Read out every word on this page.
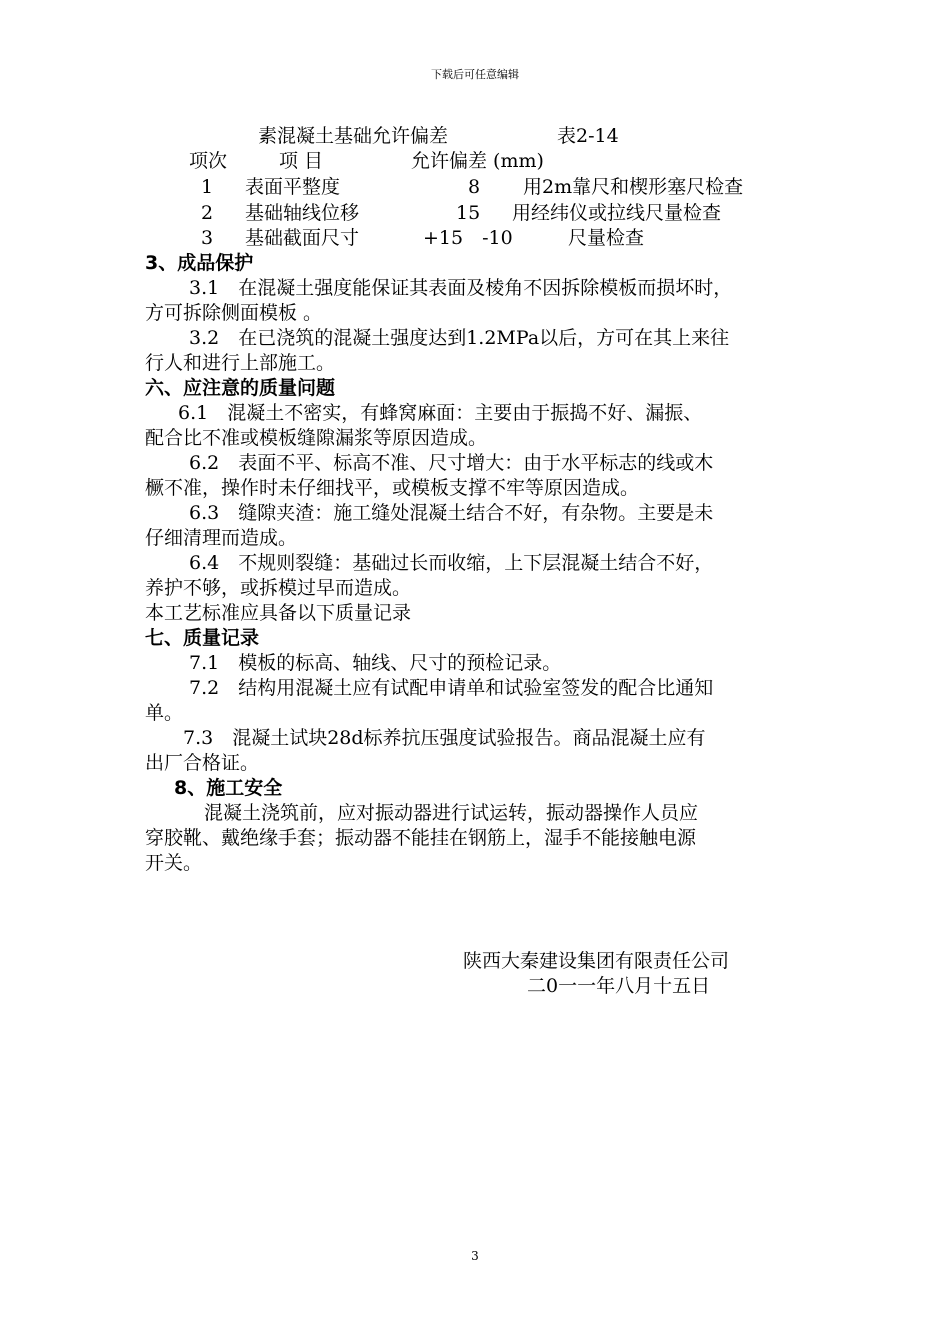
下载后可任意编辑
素混凝土基础允许偏差	表2-14
项次	项 目	允许偏差 (mm)
1 表面平整度	8 用2m靠尺和楔形塞尺检查
2 基础轴线位移	15 用经纬仪或拉线尺量检查
3 基础截面尺寸	+15　-10	尺量检查
3、成品保护
3.1　在混凝土强度能保证其表面及棱角不因拆除模板而损坏时，
方可拆除侧面模板 。
3.2　在已浇筑的混凝土强度达到1.2MPa以后，方可在其上来往
行人和进行上部施工。
六、应注意的质量问题
6.1　混凝土不密实，有蜂窝麻面：主要由于振捣不好、漏振、
配合比不准或模板缝隙漏浆等原因造成。
6.2　表面不平、标高不准、尺寸增大：由于水平标志的线或木
橛不准，操作时未仔细找平，或模板支撑不牢等原因造成。
6.3　缝隙夹渣：施工缝处混凝土结合不好，有杂物。主要是未
仔细清理而造成。
6.4　不规则裂缝：基础过长而收缩，上下层混凝土结合不好，
养护不够，或拆模过早而造成。
本工艺标准应具备以下质量记录
七、质量记录
7.1　模板的标高、轴线、尺寸的预检记录。
7.2　结构用混凝土应有试配申请单和试验室签发的配合比通知
单。
7.3　混凝土试块28d标养抗压强度试验报告。商品混凝土应有
出厂合格证。
8、施工安全
混凝土浇筑前，应对振动器进行试运转，振动器操作人员应
穿胶靴、戴绝缘手套；振动器不能挂在钢筋上，湿手不能接触电源
开关。
陕西大秦建设集团有限责任公司
二0一一年八月十五日
3
